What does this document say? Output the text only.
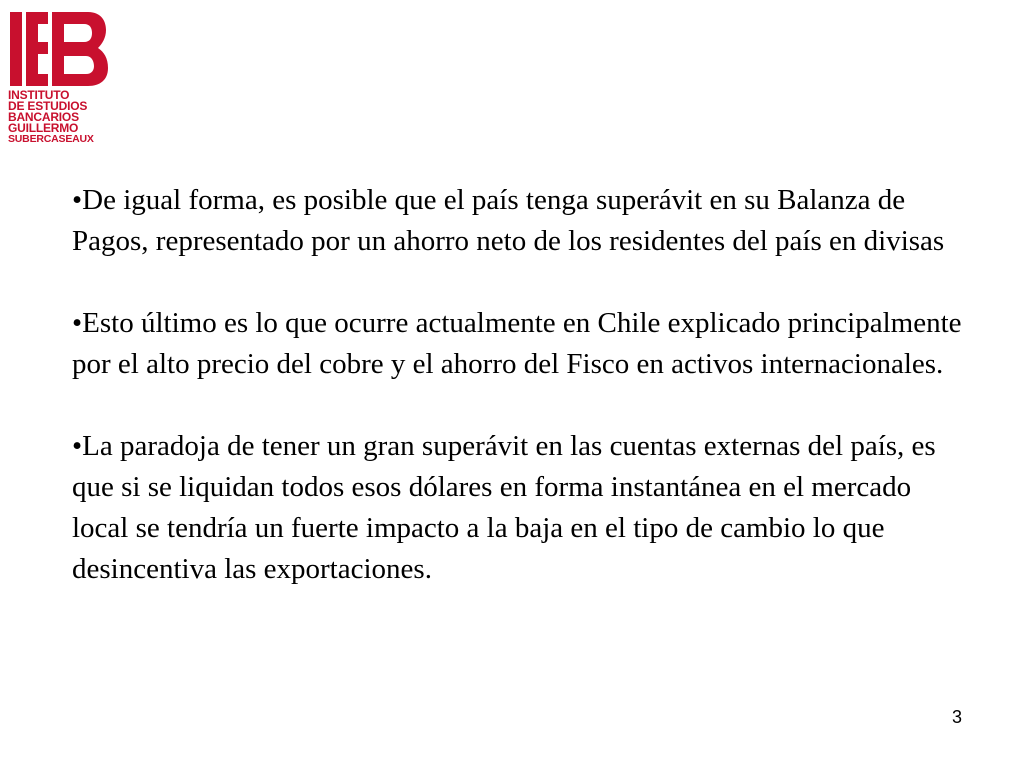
INSTITUTO
DE ESTUDIOS
BANCARIOS
GUILLERMO
SUBERCASEAUX

•De igual forma, es posible que el país tenga superávit en su Balanza de Pagos, representado por un ahorro neto de los residentes del país en divisas

•Esto último es lo que ocurre actualmente en Chile explicado principalmente por el alto precio del cobre y el ahorro del Fisco en activos internacionales.

•La paradoja de tener un gran superávit en las cuentas externas del país, es que si se liquidan todos esos dólares en forma instantánea en el mercado local se tendría un fuerte impacto a la baja en el tipo de cambio lo que desincentiva las exportaciones.

3
